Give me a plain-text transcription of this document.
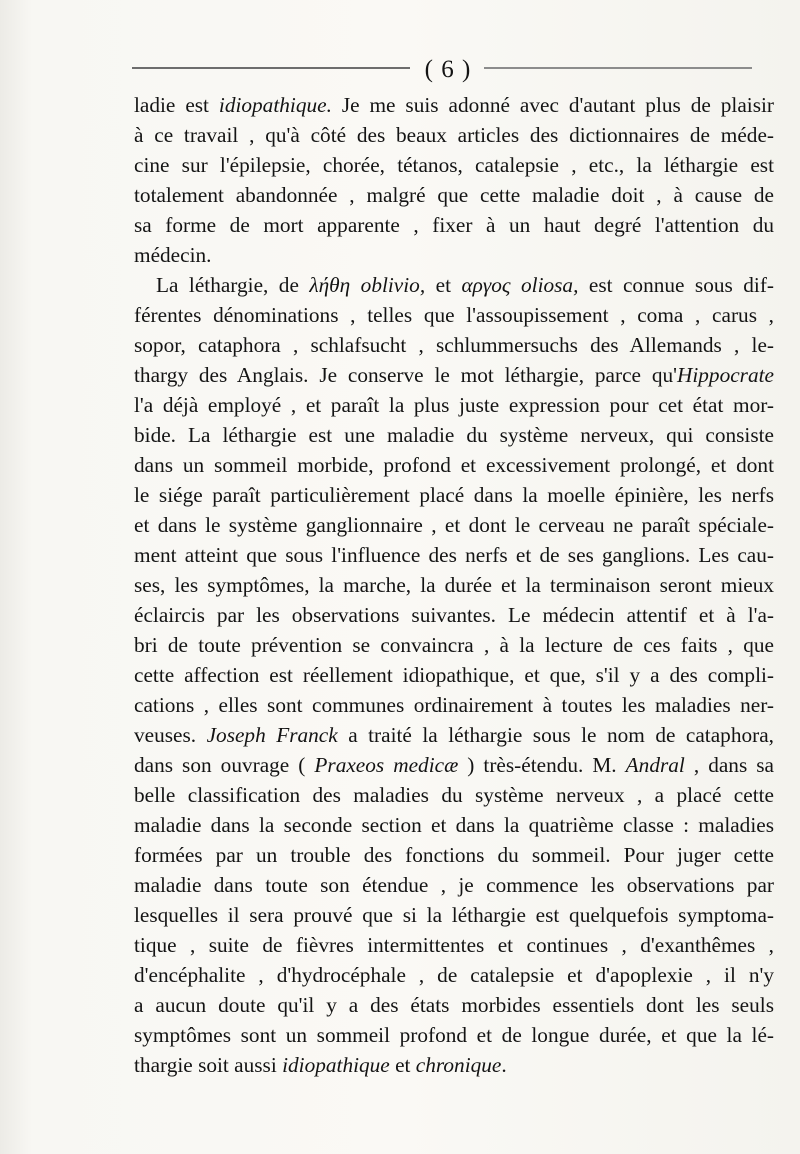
( 6 )
ladie est idiopathique. Je me suis adonné avec d'autant plus de plaisir
à ce travail , qu'à côté des beaux articles des dictionnaires de méde-
cine sur l'épilepsie, chorée, tétanos, catalepsie , etc., la léthargie est
totalement abandonnée , malgré que cette maladie doit , à cause de
sa forme de mort apparente , fixer à un haut degré l'attention du
médecin.
La léthargie, de λήθη oblivio, et αργος oliosa, est connue sous dif-
férentes dénominations , telles que l'assoupissement , coma , carus ,
sopor, cataphora , schlafsucht , schlummersuchs des Allemands , le-
thargy des Anglais. Je conserve le mot léthargie, parce qu'Hippocrate
l'a déjà employé , et paraît la plus juste expression pour cet état mor-
bide. La léthargie est une maladie du système nerveux, qui consiste
dans un sommeil morbide, profond et excessivement prolongé, et dont
le siége paraît particulièrement placé dans la moelle épinière, les nerfs
et dans le système ganglionnaire , et dont le cerveau ne paraît spéciale-
ment atteint que sous l'influence des nerfs et de ses ganglions. Les cau-
ses, les symptômes, la marche, la durée et la terminaison seront mieux
éclaircis par les observations suivantes. Le médecin attentif et à l'a-
bri de toute prévention se convaincra , à la lecture de ces faits , que
cette affection est réellement idiopathique, et que, s'il y a des compli-
cations , elles sont communes ordinairement à toutes les maladies ner-
veuses. Joseph Franck a traité la léthargie sous le nom de cataphora,
dans son ouvrage ( Praxeos medicæ ) très-étendu. M. Andral , dans sa
belle classification des maladies du système nerveux , a placé cette
maladie dans la seconde section et dans la quatrième classe : maladies
formées par un trouble des fonctions du sommeil. Pour juger cette
maladie dans toute son étendue , je commence les observations par
lesquelles il sera prouvé que si la léthargie est quelquefois symptoma-
tique , suite de fièvres intermittentes et continues , d'exanthêmes ,
d'encéphalite , d'hydrocéphale , de catalepsie et d'apoplexie , il n'y
a aucun doute qu'il y a des états morbides essentiels dont les seuls
symptômes sont un sommeil profond et de longue durée, et que la lé-
thargie soit aussi idiopathique et chronique.
